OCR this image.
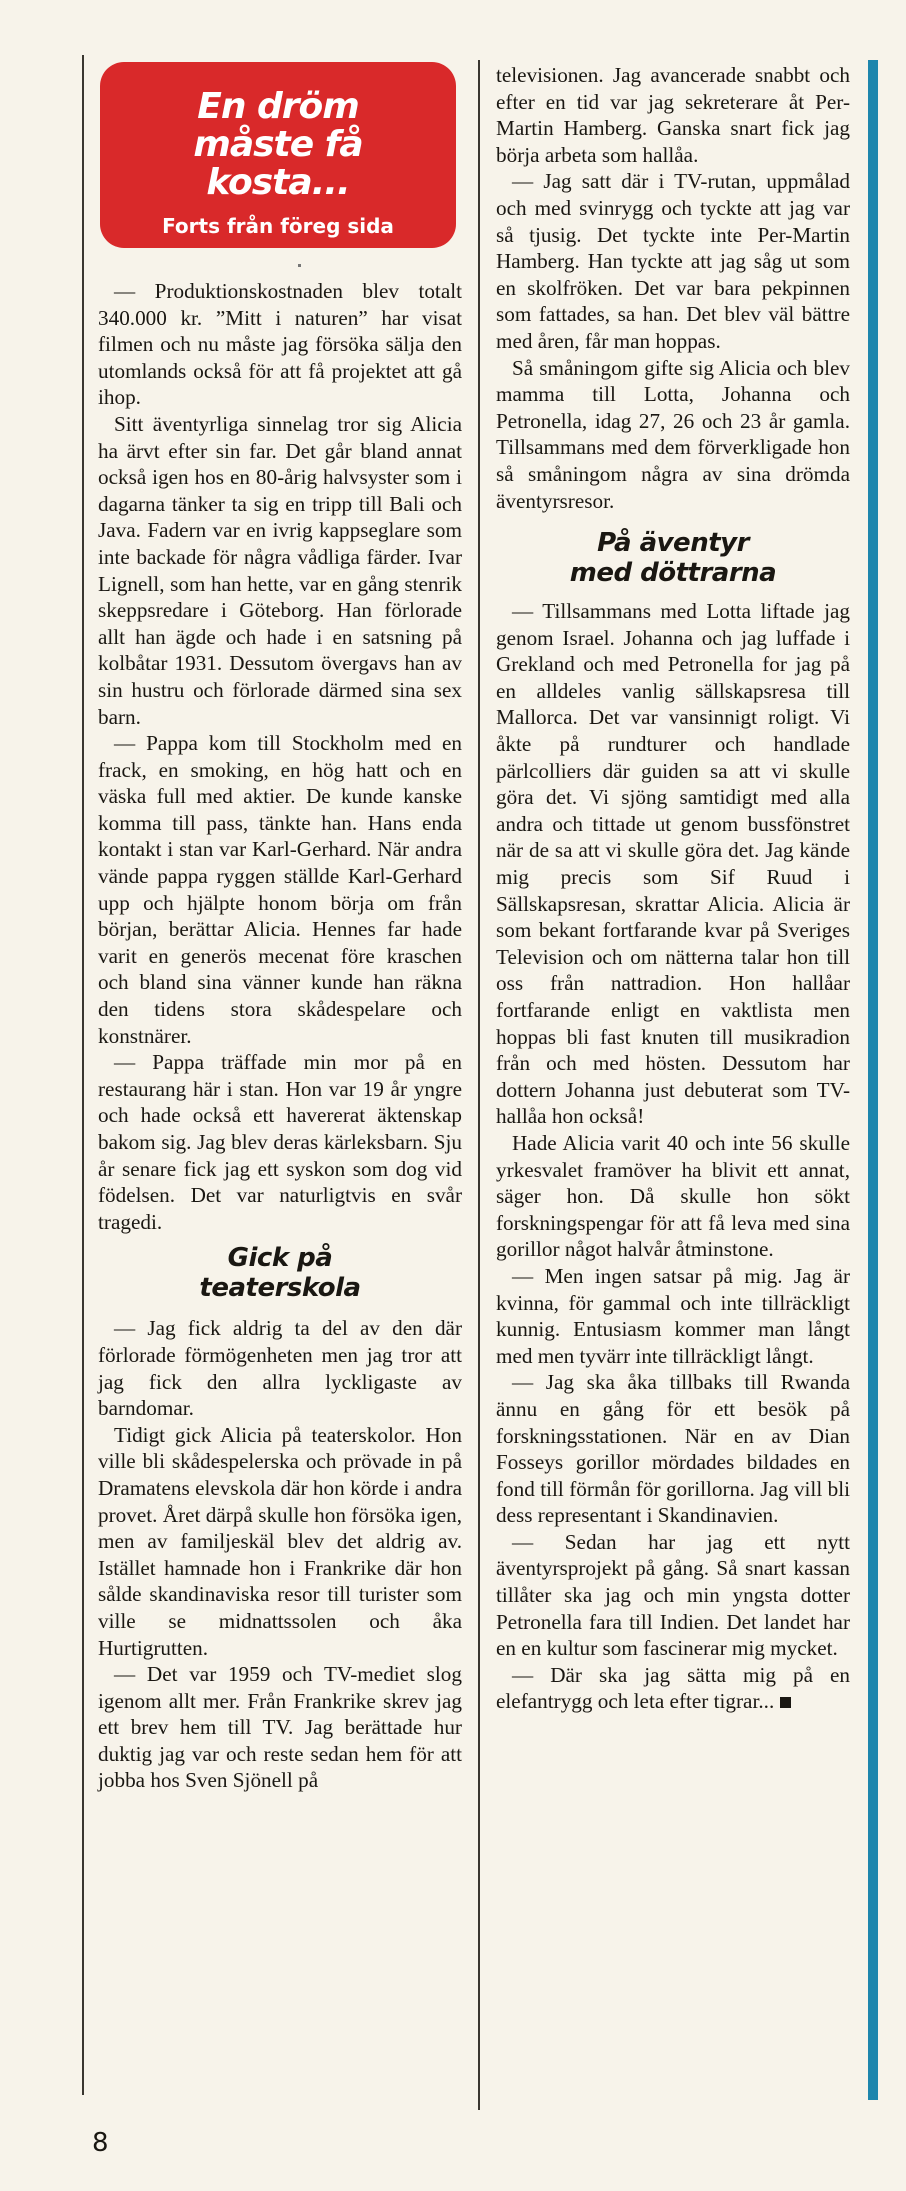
En dröm
måste få
kosta...
Forts från föreg sida

— Produktionskostnaden blev totalt 340.000 kr. ”Mitt i naturen” har visat filmen och nu måste jag försöka sälja den utomlands också för att få projektet att gå ihop.

Sitt äventyrliga sinnelag tror sig Alicia ha ärvt efter sin far. Det går bland annat också igen hos en 80-årig halvsyster som i dagarna tänker ta sig en tripp till Bali och Java. Fadern var en ivrig kappseglare som inte backade för några vådliga färder. Ivar Lignell, som han hette, var en gång stenrik skeppsredare i Göteborg. Han förlorade allt han ägde och hade i en satsning på kolbåtar 1931. Dessutom övergavs han av sin hustru och förlorade därmed sina sex barn.

— Pappa kom till Stockholm med en frack, en smoking, en hög hatt och en väska full med aktier. De kunde kanske komma till pass, tänkte han. Hans enda kontakt i stan var Karl-Gerhard. När andra vände pappa ryggen ställde Karl-Gerhard upp och hjälpte honom börja om från början, berättar Alicia. Hennes far hade varit en generös mecenat före kraschen och bland sina vänner kunde han räkna den tidens stora skådespelare och konstnärer.

— Pappa träffade min mor på en restaurang här i stan. Hon var 19 år yngre och hade också ett havererat äktenskap bakom sig. Jag blev deras kärleksbarn. Sju år senare fick jag ett syskon som dog vid födelsen. Det var naturligtvis en svår tragedi.

Gick på
teaterskola

— Jag fick aldrig ta del av den där förlorade förmögenheten men jag tror att jag fick den allra lyckligaste av barndomar.

Tidigt gick Alicia på teaterskolor. Hon ville bli skådespelerska och prövade in på Dramatens elevskola där hon körde i andra provet. Året därpå skulle hon försöka igen, men av familjeskäl blev det aldrig av. Istället hamnade hon i Frankrike där hon sålde skandinaviska resor till turister som ville se midnattssolen och åka Hurtigrutten.

— Det var 1959 och TV-mediet slog igenom allt mer. Från Frankrike skrev jag ett brev hem till TV. Jag berättade hur duktig jag var och reste sedan hem för att jobba hos Sven Sjönell på

televisionen. Jag avancerade snabbt och efter en tid var jag sekreterare åt Per-Martin Hamberg. Ganska snart fick jag börja arbeta som hallåa.

— Jag satt där i TV-rutan, uppmålad och med svinrygg och tyckte att jag var så tjusig. Det tyckte inte Per-Martin Hamberg. Han tyckte att jag såg ut som en skolfröken. Det var bara pekpinnen som fattades, sa han. Det blev väl bättre med åren, får man hoppas.

Så småningom gifte sig Alicia och blev mamma till Lotta, Johanna och Petronella, idag 27, 26 och 23 år gamla. Tillsammans med dem förverkligade hon så småningom några av sina drömda äventyrsresor.

På äventyr
med döttrarna

— Tillsammans med Lotta liftade jag genom Israel. Johanna och jag luffade i Grekland och med Petronella for jag på en alldeles vanlig sällskapsresa till Mallorca. Det var vansinnigt roligt. Vi åkte på rundturer och handlade pärlcolliers där guiden sa att vi skulle göra det. Vi sjöng samtidigt med alla andra och tittade ut genom bussfönstret när de sa att vi skulle göra det. Jag kände mig precis som Sif Ruud i Sällskapsresan, skrattar Alicia. Alicia är som bekant fortfarande kvar på Sveriges Television och om nätterna talar hon till oss från nattradion. Hon hallåar fortfarande enligt en vaktlista men hoppas bli fast knuten till musikradion från och med hösten. Dessutom har dottern Johanna just debuterat som TV-hallåa hon också!

Hade Alicia varit 40 och inte 56 skulle yrkesvalet framöver ha blivit ett annat, säger hon. Då skulle hon sökt forskningspengar för att få leva med sina gorillor något halvår åtminstone.

— Men ingen satsar på mig. Jag är kvinna, för gammal och inte tillräckligt kunnig. Entusiasm kommer man långt med men tyvärr inte tillräckligt långt.

— Jag ska åka tillbaks till Rwanda ännu en gång för ett besök på forskningsstationen. När en av Dian Fosseys gorillor mördades bildades en fond till förmån för gorillorna. Jag vill bli dess representant i Skandinavien.

— Sedan har jag ett nytt äventyrsprojekt på gång. Så snart kassan tillåter ska jag och min yngsta dotter Petronella fara till Indien. Det landet har en en kultur som fascinerar mig mycket.

— Där ska jag sätta mig på en elefantrygg och leta efter tigrar...

8
